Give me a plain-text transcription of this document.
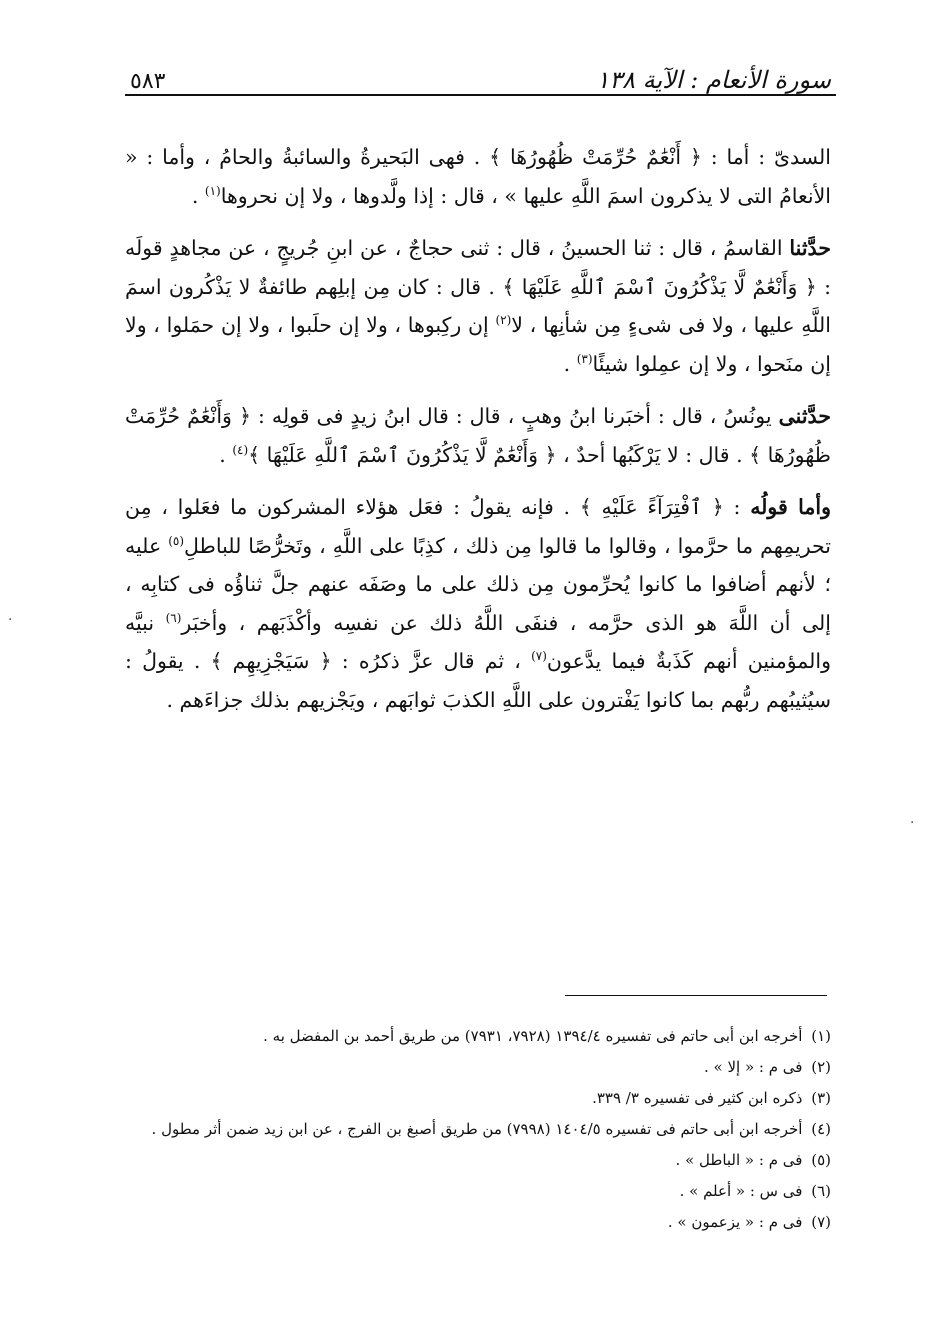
سورة الأنعام : الآية ١٣٨
٥٨٣

السدىّ : أما : ﴿ أَنْعَٰمٌ حُرِّمَتْ ظُهُورُهَا ﴾ . فهى البَحيرةُ والسائبةُ والحامُ ، وأما : « الأنعامُ التى لا يذكرون اسمَ اللَّهِ عليها » ، قال : إذا ولَّدوها ، ولا إن نحروها$^{(١)}$ .

حدَّثنا القاسمُ ، قال : ثنا الحسينُ ، قال : ثنى حجاجٌ ، عن ابنِ جُريجٍ ، عن مجاهدٍ قولَه : ﴿ وَأَنْعَٰمٌ لَّا يَذْكُرُونَ ٱسْمَ ٱللَّهِ عَلَيْهَا ﴾ . قال : كان مِن إبلِهم طائفةٌ لا يَذْكُرون اسمَ اللَّهِ عليها ، ولا فى شىءٍ مِن شأنِها ، لا$^{(٢)}$ إن ركِبوها ، ولا إن حلَبوا ، ولا إن حمَلوا ، ولا إن منَحوا ، ولا إن عمِلوا شيئًا$^{(٣)}$ .

حدَّثنى يونُسُ ، قال : أخبَرنا ابنُ وهبٍ ، قال : قال ابنُ زيدٍ فى قولِه : ﴿ وَأَنْعَٰمٌ حُرِّمَتْ ظُهُورُهَا ﴾ . قال : لا يَرْكَبُها أحدٌ ، ﴿ وَأَنْعَٰمٌ لَّا يَذْكُرُونَ ٱسْمَ ٱللَّهِ عَلَيْهَا ﴾$^{(٤)}$ .

وأما قولُه : ﴿ ٱفْتِرَآءً عَلَيْهِ ﴾ . فإنه يقولُ : فعَل هؤلاء المشركون ما فعَلوا ، مِن تحريمِهم ما حرَّموا ، وقالوا ما قالوا مِن ذلك ، كذِبًا على اللَّهِ ، وتَخرُّصًا للباطلِ$^{(٥)}$ عليه ؛ لأنهم أضافوا ما كانوا يُحرِّمون مِن ذلك على ما وصَفَه عنهم جلَّ ثناؤُه فى كتابِه ، إلى أن اللَّهَ هو الذى حرَّمه ، فنفَى اللَّهُ ذلك عن نفسِه وأكْذَبَهم ، وأخبَر$^{(٦)}$ نبيَّه والمؤمنين أنهم كَذَبةٌ فيما يدَّعون$^{(٧)}$ ، ثم قال عزَّ ذكرُه : ﴿ سَيَجْزِيهِم ﴾ . يقولُ : سيُثيبُهم ربُّهم بما كانوا يَفْترون على اللَّهِ الكذبَ ثوابَهم ، ويَجْزيهم بذلك جزاءَهم .

(١) أخرجه ابن أبى حاتم فى تفسيره ١٣٩٤/٤ (٧٩٢٨، ٧٩٣١) من طريق أحمد بن المفضل به .
(٢) فى م : « إلا » .
(٣) ذكره ابن كثير فى تفسيره ٣/ ٣٣٩.
(٤) أخرجه ابن أبى حاتم فى تفسيره ١٤٠٤/٥ (٧٩٩٨) من طريق أصبغ بن الفرج ، عن ابن زيد ضمن أثر مطول .
(٥) فى م : « الباطل » .
(٦) فى س : « أعلم » .
(٧) فى م : « يزعمون » .
·
·
